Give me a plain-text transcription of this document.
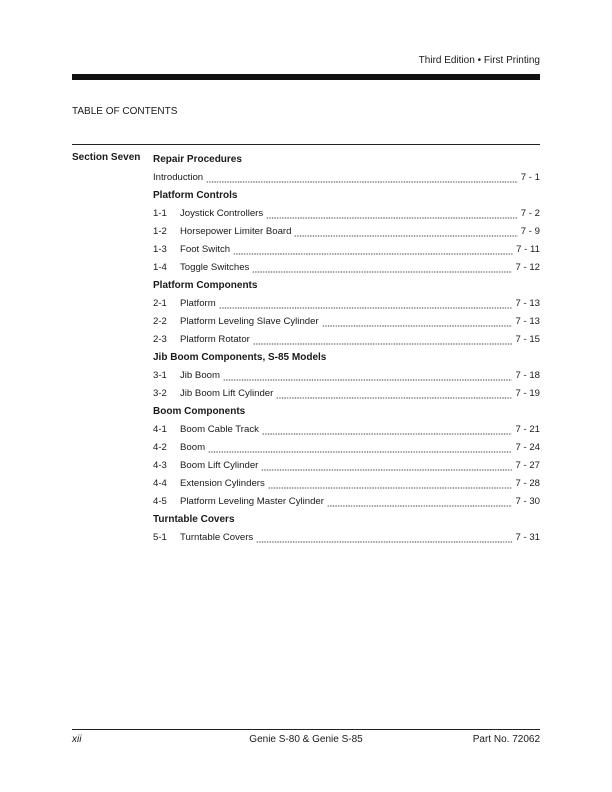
Third Edition • First Printing
TABLE OF CONTENTS
Section Seven Repair Procedures
Introduction	7 - 1
Platform Controls
1-1	Joystick Controllers	7 - 2
1-2	Horsepower Limiter Board	7 - 9
1-3	Foot Switch	7 - 11
1-4	Toggle Switches	7 - 12
Platform Components
2-1	Platform	7 - 13
2-2	Platform Leveling Slave Cylinder	7 - 13
2-3	Platform Rotator	7 - 15
Jib Boom Components, S-85 Models
3-1	Jib Boom	7 - 18
3-2	Jib Boom Lift Cylinder	7 - 19
Boom Components
4-1	Boom Cable Track	7 - 21
4-2	Boom	7 - 24
4-3	Boom Lift Cylinder	7 - 27
4-4	Extension Cylinders	7 - 28
4-5	Platform Leveling Master Cylinder	7 - 30
Turntable Covers
5-1	Turntable Covers	7 - 31
xii	Genie S-80 & Genie S-85	Part No. 72062
